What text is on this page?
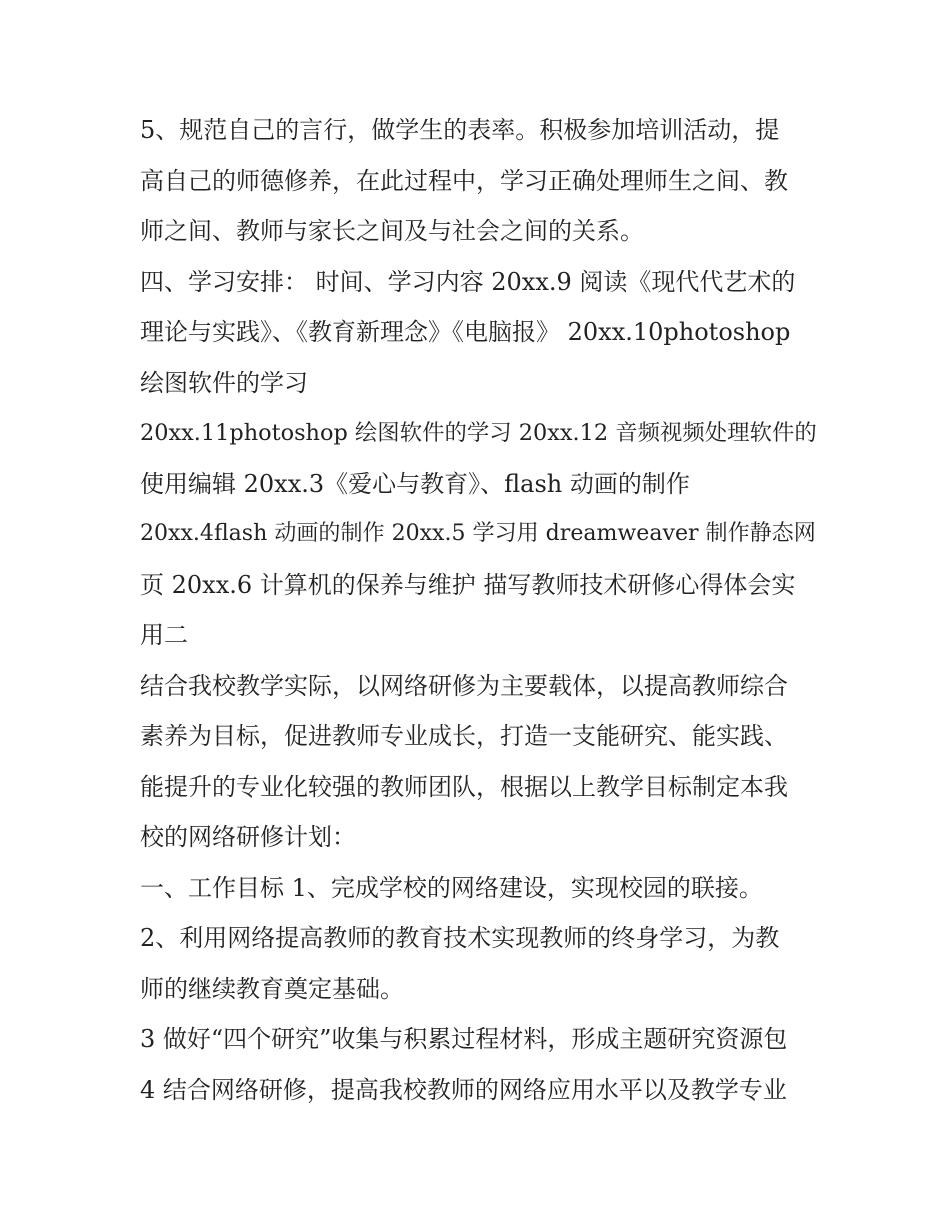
5、规范自己的言行，做学生的表率。积极参加培训活动，提
高自己的师德修养，在此过程中，学习正确处理师生之间、教
师之间、教师与家长之间及与社会之间的关系。
四、学习安排： 时间、学习内容 20xx.9 阅读《现代代艺术的
理论与实践》、《教育新理念》《电脑报》 20xx.10photoshop
绘图软件的学习
20xx.11photoshop 绘图软件的学习 20xx.12 音频视频处理软件的
使用编辑 20xx.3《爱心与教育》、flash 动画的制作
20xx.4flash 动画的制作 20xx.5 学习用 dreamweaver 制作静态网
页 20xx.6 计算机的保养与维护 描写教师技术研修心得体会实
用二
结合我校教学实际，以网络研修为主要载体，以提高教师综合
素养为目标，促进教师专业成长，打造一支能研究、能实践、
能提升的专业化较强的教师团队，根据以上教学目标制定本我
校的网络研修计划：
一、工作目标 1、完成学校的网络建设，实现校园的联接。
2、利用网络提高教师的教育技术实现教师的终身学习，为教
师的继续教育奠定基础。
3 做好“四个研究”收集与积累过程材料，形成主题研究资源包
4 结合网络研修，提高我校教师的网络应用水平以及教学专业
